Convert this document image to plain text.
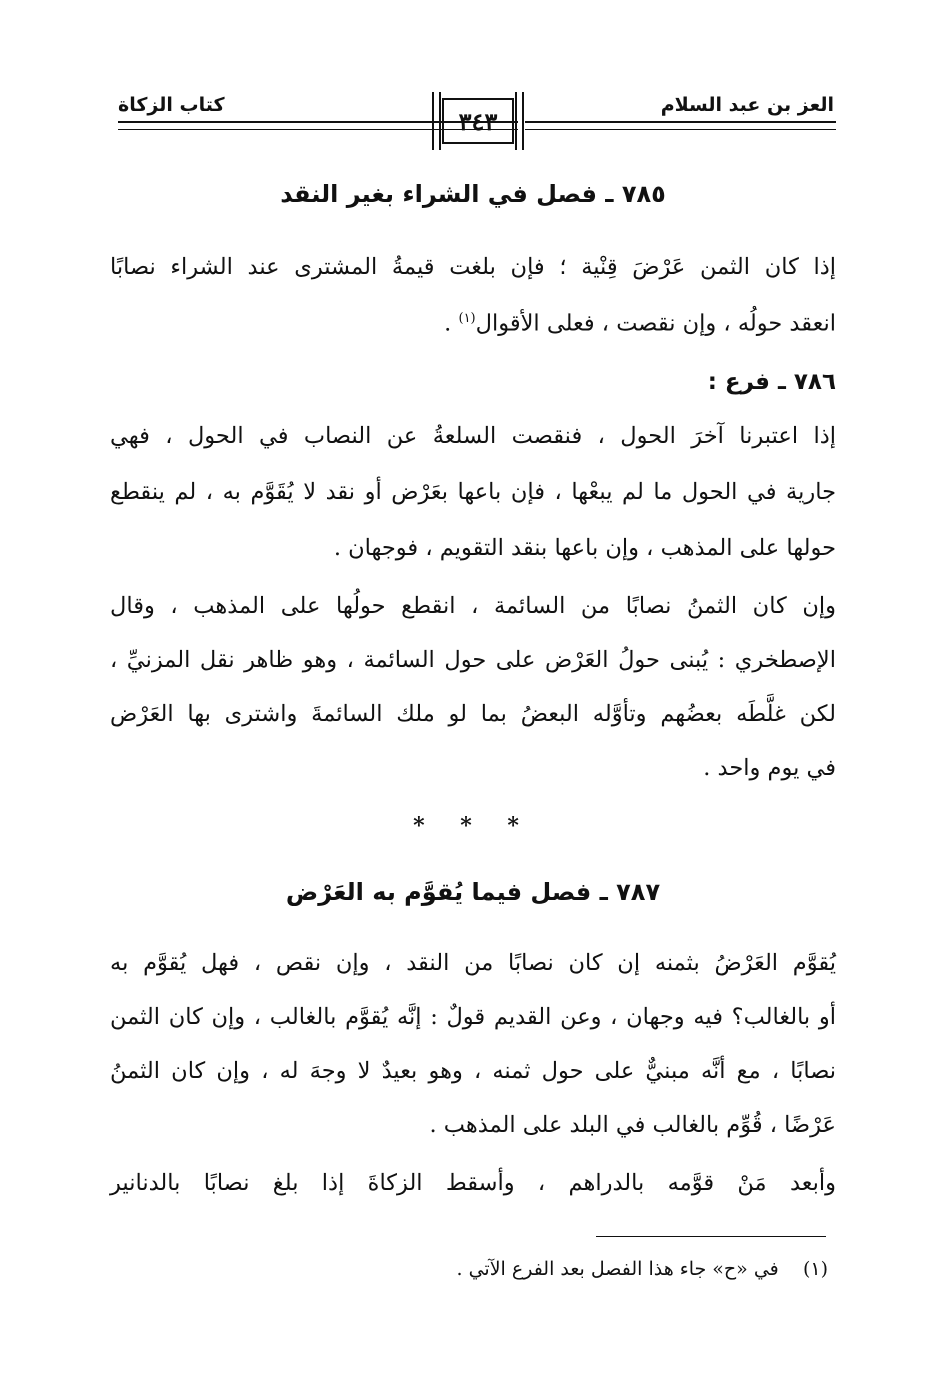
العز بن عبد السلام
كتاب الزكاة
٣٤٣
٧٨٥ ـ فصل في الشراء بغير النقد
إذا كان الثمن عَرْضَ قِنْية ؛ فإن بلغت قيمةُ المشترى عند الشراء نصابًا
انعقد حولُه ، وإن نقصت ، فعلى الأقوال$^{(١)}$ .
٧٨٦ ـ فرع :
إذا اعتبرنا آخرَ الحول ، فنقصت السلعةُ عن النصاب في الحول ، فهي
جارية في الحول ما لم يبعْها ، فإن باعها بعَرْض أو نقد لا يُقَوَّم به ، لم ينقطع
حولها على المذهب ، وإن باعها بنقد التقويم ، فوجهان .
وإن كان الثمنُ نصابًا من السائمة ، انقطع حولُها على المذهب ، وقال
الإصطخري : يُبنى حولُ العَرْض على حول السائمة ، وهو ظاهر نقل المزنيِّ ،
لكن غلَّطَه بعضُهم وتأوَّله البعضُ بما لو ملك السائمةَ واشترى بها العَرْض
في يوم واحد .
* * *
٧٨٧ ـ فصل فيما يُقوَّم به العَرْض
يُقوَّم العَرْضُ بثمنه إن كان نصابًا من النقد ، وإن نقص ، فهل يُقوَّم به
أو بالغالب؟ فيه وجهان ، وعن القديم قولٌ : إنَّه يُقوَّم بالغالب ، وإن كان الثمن
نصابًا ، مع أنَّه مبنيٌّ على حول ثمنه ، وهو بعيدٌ لا وجهَ له ، وإن كان الثمنُ
عَرْضًا ، قُوِّم بالغالب في البلد على المذهب .
وأبعد مَنْ قوَّمه بالدراهم ، وأسقط الزكاةَ إذا بلغ نصابًا بالدنانير
(١)    في «ح» جاء هذا الفصل بعد الفرع الآتي .
